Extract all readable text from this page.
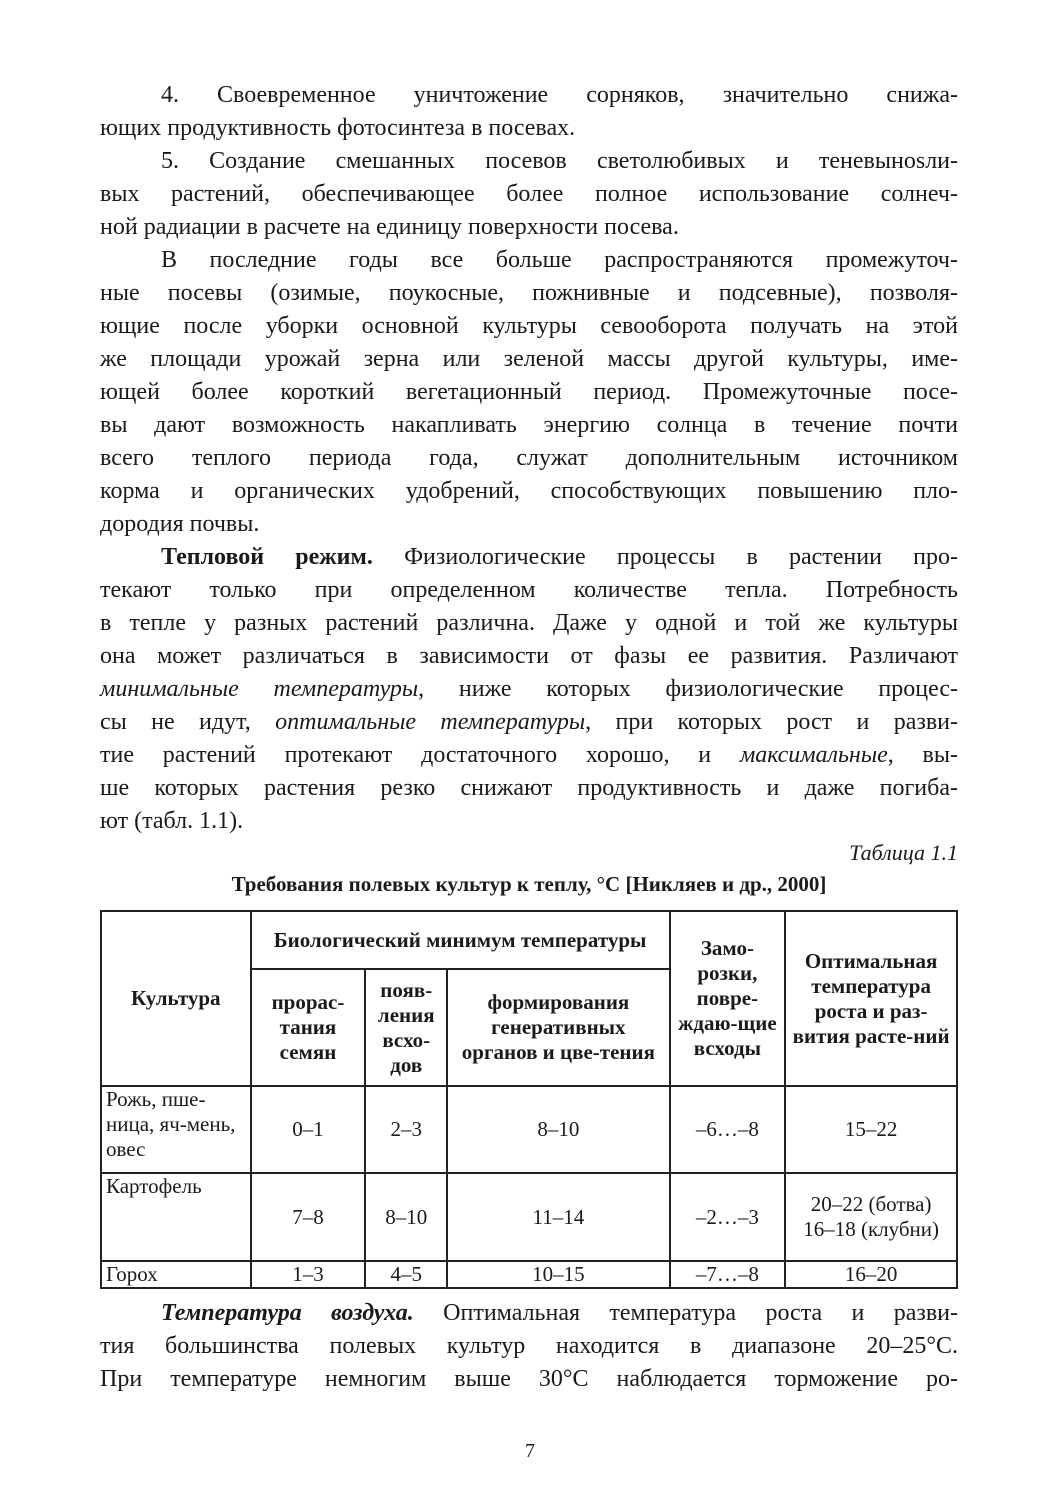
4. Своевременное уничтожение сорняков, значительно снижа-
ющих продуктивность фотосинтеза в посевах.
5. Создание смешанных посевов светолюбивых и теневынosли-
вых растений, обеспечивающее более полное использование солнеч-
ной радиации в расчете на единицу поверхности посева.
В последние годы все больше распространяются промежуточ-
ные посевы (озимые, поукосные, пожнивные и подсевные), позволя-
ющие после уборки основной культуры севооборота получать на этой
же площади урожай зерна или зеленой массы другой культуры, име-
ющей более короткий вегетационный период. Промежуточные посе-
вы дают возможность накапливать энергию солнца в течение почти
всего теплого периода года, служат дополнительным источником
корма и органических удобрений, способствующих повышению пло-
дородия почвы.
Тепловой режим. Физиологические процессы в растении про-
текают только при определенном количестве тепла. Потребность
в тепле у разных растений различна. Даже у одной и той же культуры
она может различаться в зависимости от фазы ее развития. Различают
минимальные температуры, ниже которых физиологические процес-
сы не идут, оптимальные температуры, при которых рост и разви-
тие растений протекают достаточного хорошо, и максимальные, вы-
ше которых растения резко снижают продуктивность и даже погиба-
ют (табл. 1.1).
Таблица 1.1
Требования полевых культур к теплу, °С [Никляев и др., 2000]
Культура	Биологический минимум температуры			Замо-розки, повре-ждаю-щие всходы	Оптимальная температура роста и раз-вития расте-ний
	прорас-тания семян	появ-ления всхо-дов	формирования генеративных органов и цве-тения		
Рожь, пше-ница, яч-мень, овес	0–1	2–3	8–10	–6…–8	15–22
Картофель	7–8	8–10	11–14	–2…–3	20–22 (ботва) 16–18 (клубни)
Горох	1–3	4–5	10–15	–7…–8	16–20
Температура воздуха. Оптимальная температура роста и разви-
тия большинства полевых культур находится в диапазоне 20–25°С.
При температуре немногим выше 30°С наблюдается торможение ро-
7
